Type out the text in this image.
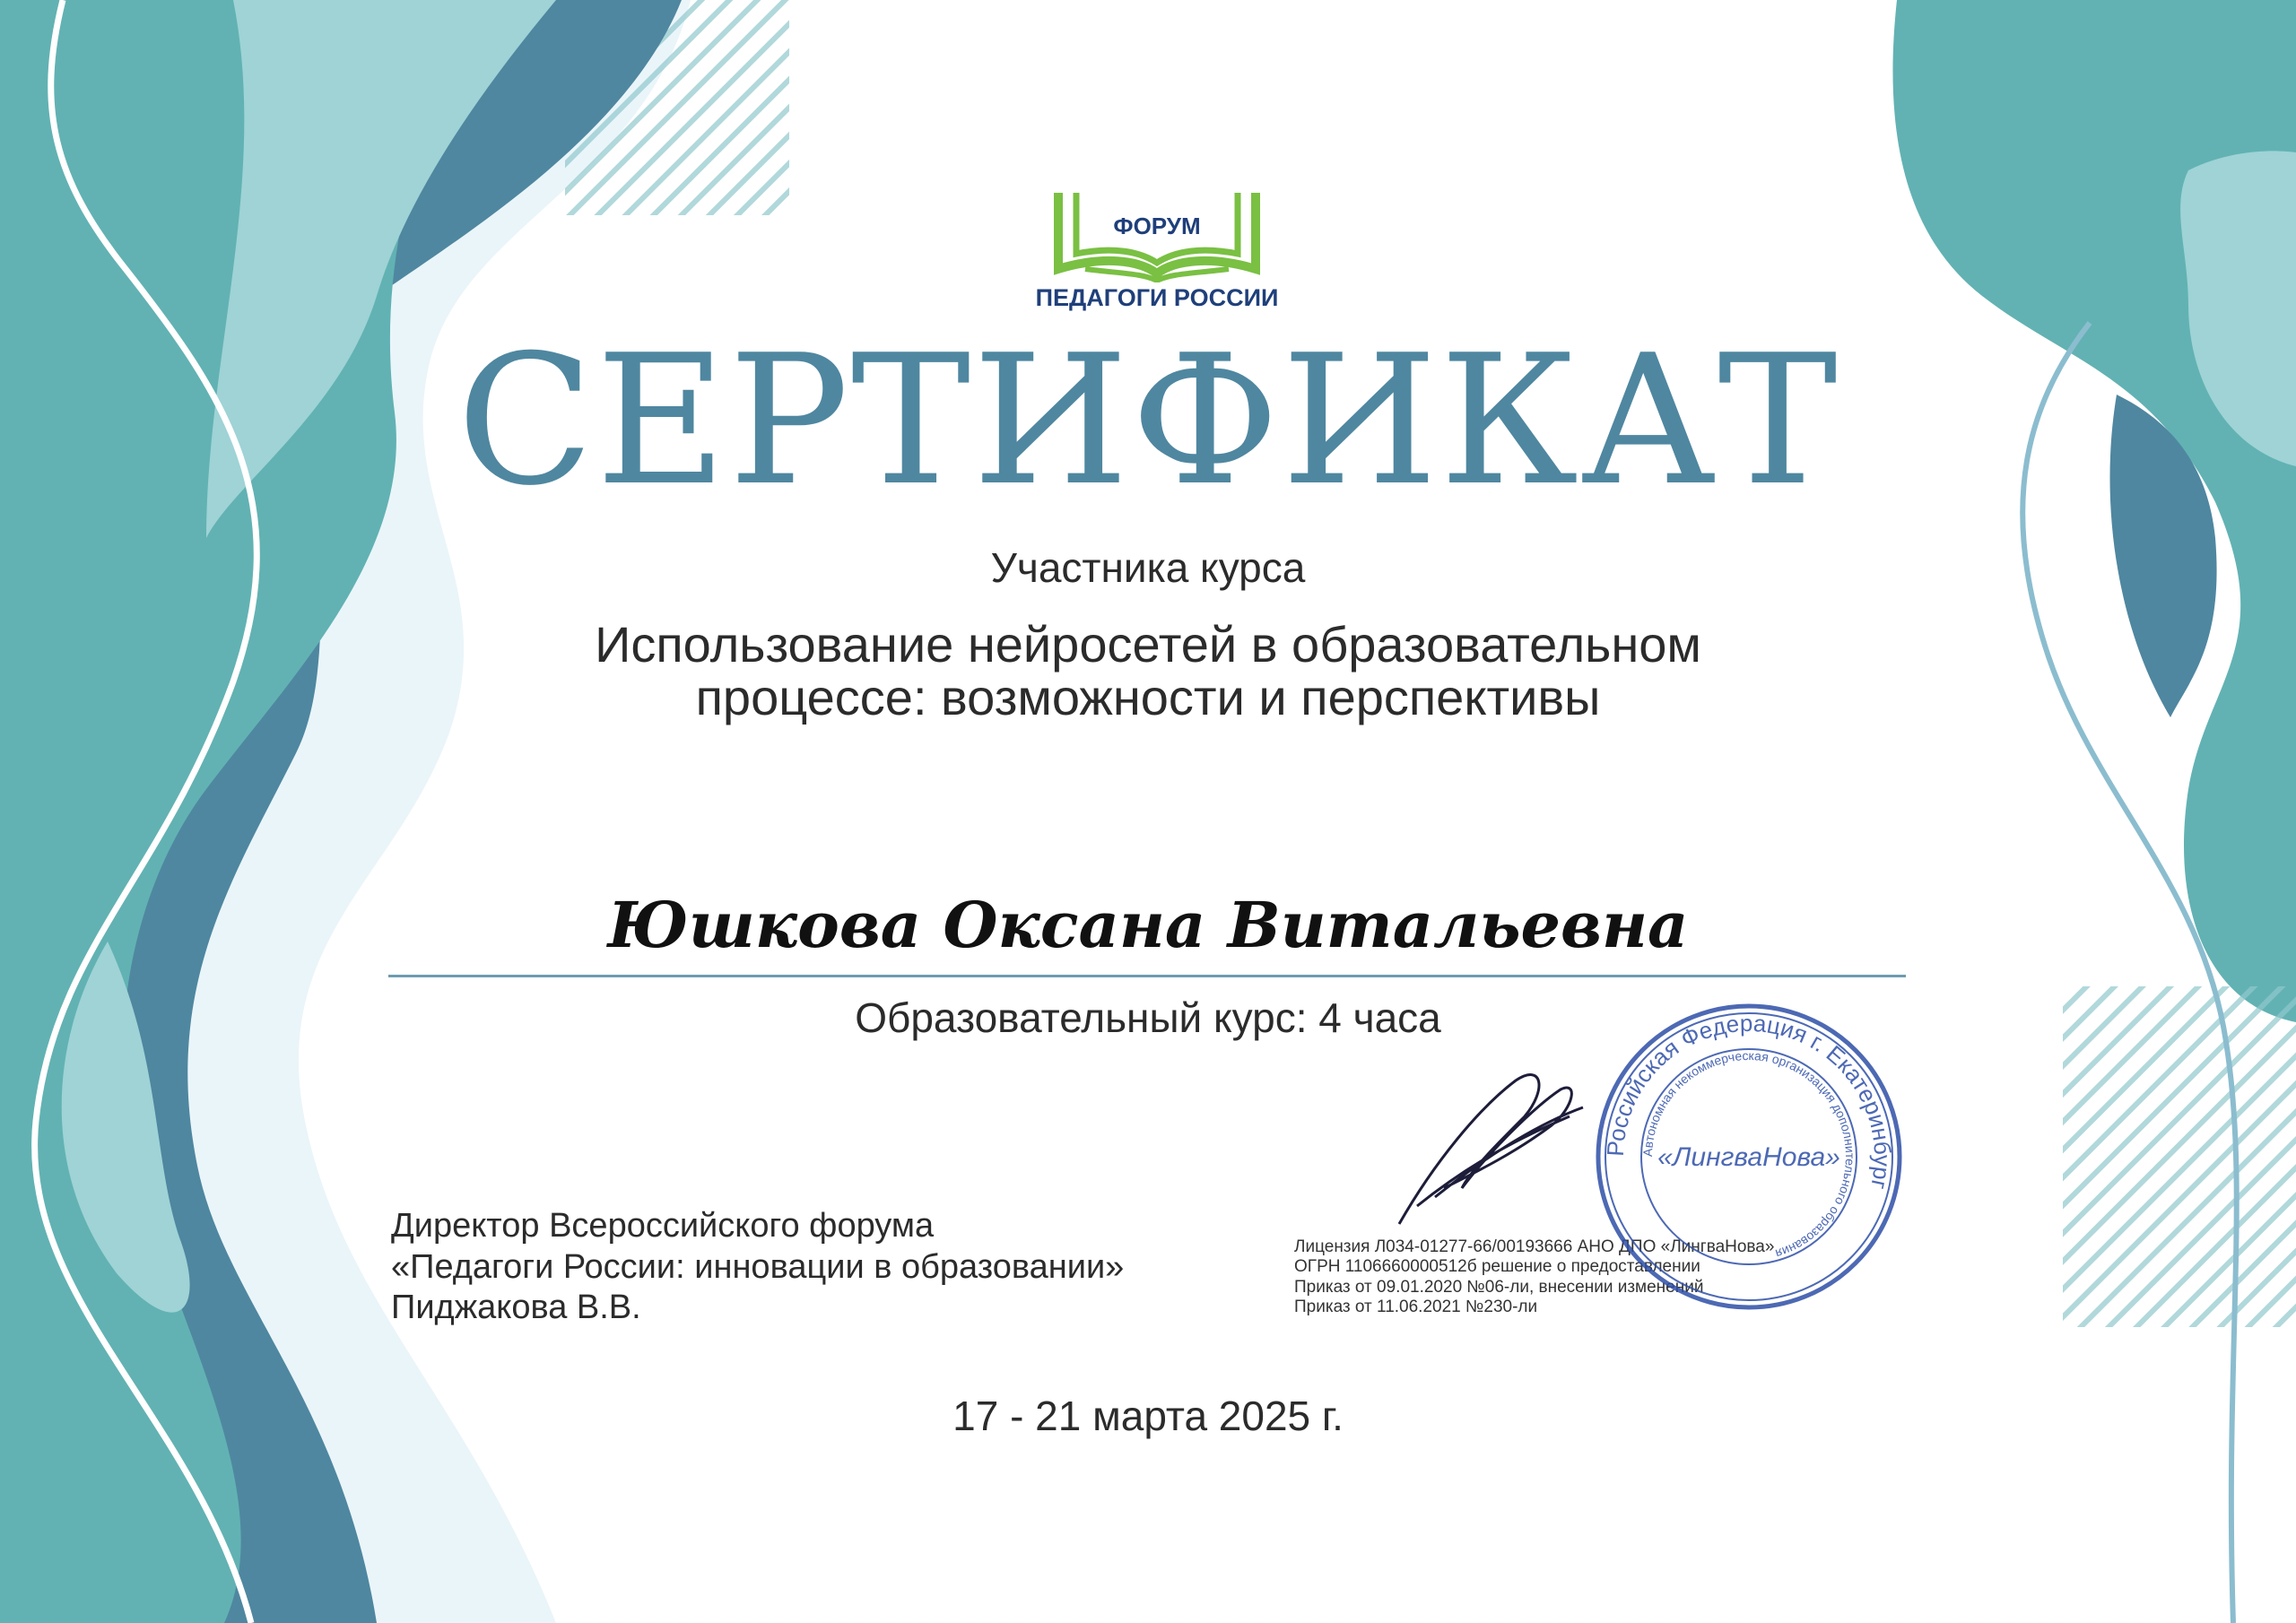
ФОРУМ
ПЕДАГОГИ РОССИИ
СЕРТИФИКАТ
Участника курса
Использование нейросетей в образовательном
процессе: возможности и перспективы
Юшкова Оксана Витальевна
Образовательный курс: 4 часа
Директор Всероссийского форума
«Педагоги России: инновации в образовании»
Пиджакова В.В.
Лицензия Л034-01277-66/00193666 АНО ДПО «ЛингваНова»
ОГРН 1106660000512б решение о предоставлении
Приказ от 09.01.2020 №06-ли, внесении изменений
Приказ от 11.06.2021 №230-ли
Российская Федерация г. Екатеринбург
Автономная некоммерческая организация дополнительного образования
«ЛингваНова»
17 - 21 марта 2025 г.
